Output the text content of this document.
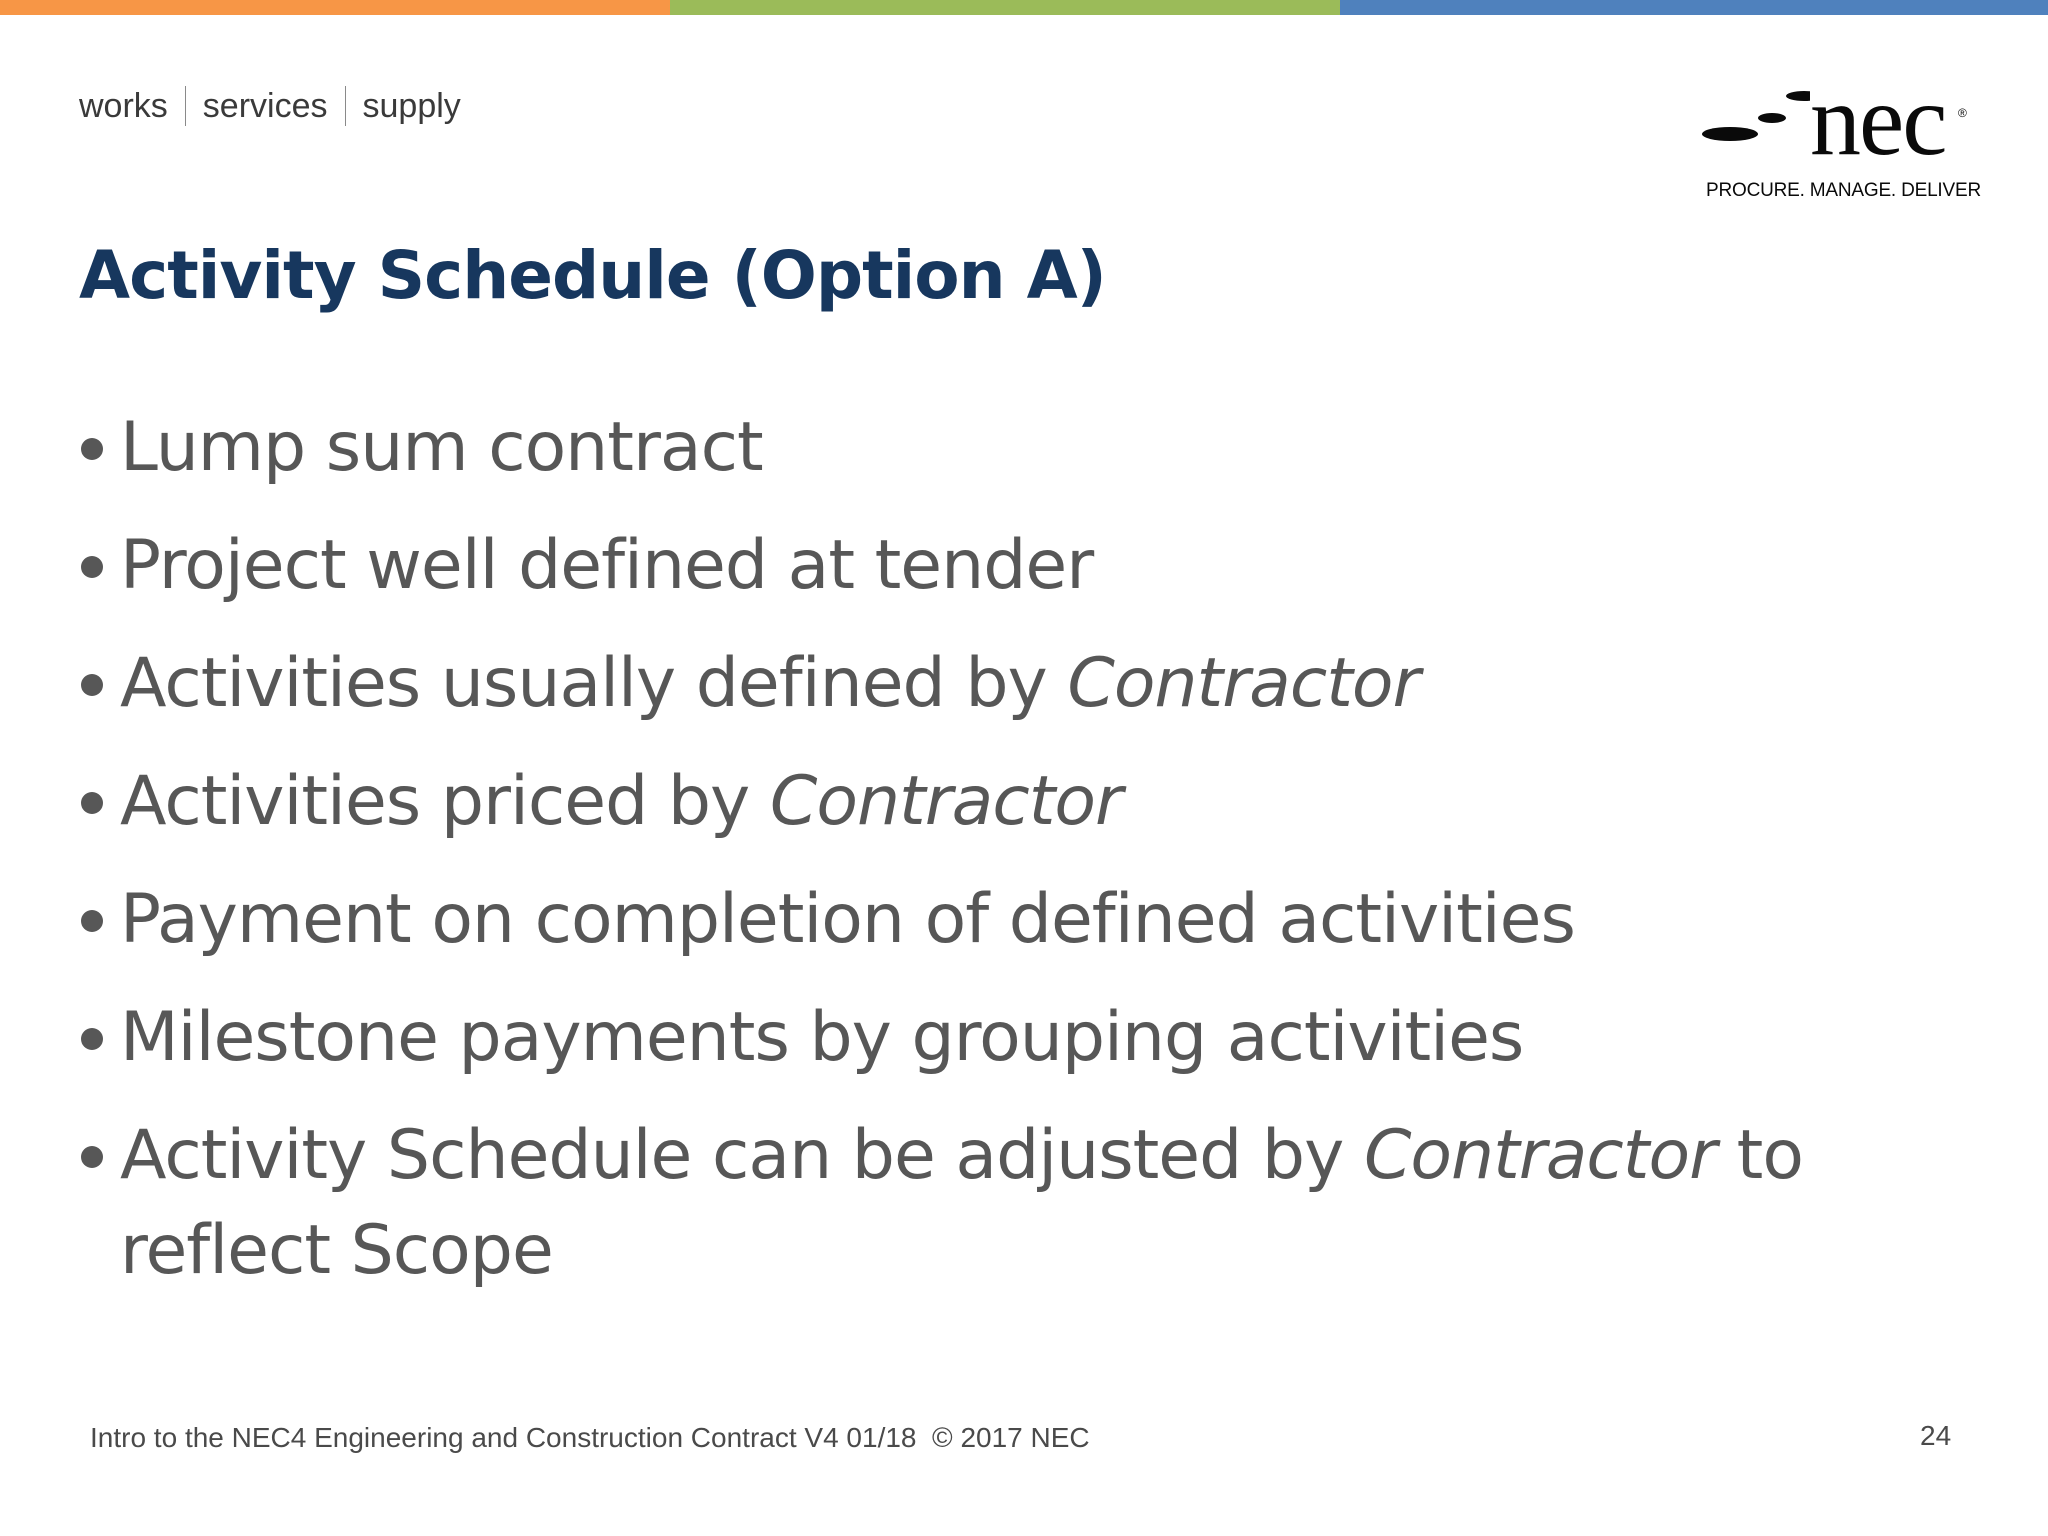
works services supply	nec ®
PROCURE. MANAGE. DELIVER
Activity Schedule (Option A)
Lump sum contract
Project well defined at tender
Activities usually defined by Contractor
Activities priced by Contractor
Payment on completion of defined activities
Milestone payments by grouping activities
Activity Schedule can be adjusted by Contractor to reflect Scope
Intro to the NEC4 Engineering and Construction Contract V4 01/18  © 2017 NEC	24
